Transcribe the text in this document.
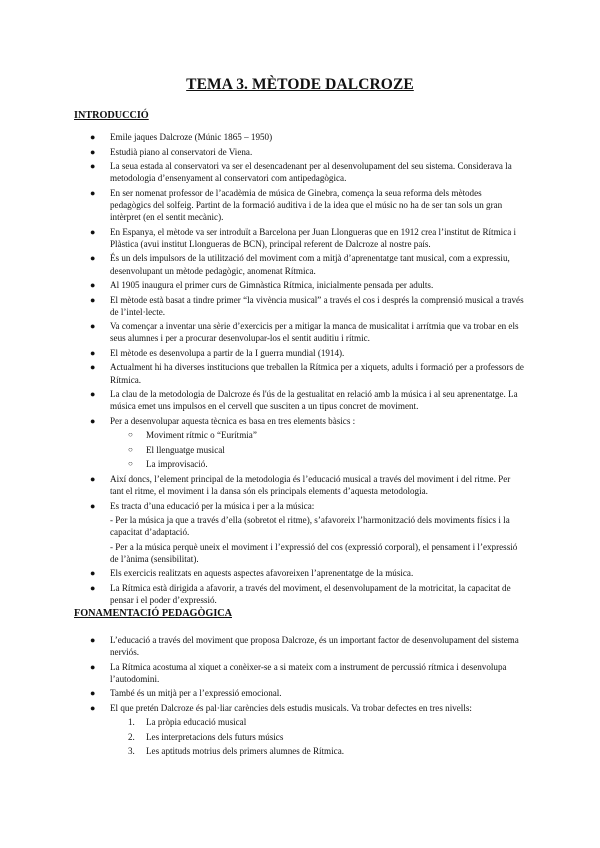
TEMA 3. MÈTODE DALCROZE
INTRODUCCIÓ
● Emile jaques Dalcroze (Múnic 1865 – 1950)
● Estudià piano al conservatori de Viena.
● La seua estada al conservatori va ser el desencadenant per al desenvolupament del seu sistema. Considerava la metodologia d’ensenyament al conservatori com antipedagògica.
● En ser nomenat professor de l’acadèmia de música de Ginebra, comença la seua reforma dels mètodes pedagògics del solfeig. Partint de la formació auditiva i de la idea que el músic no ha de ser tan sols un gran intèrpret (en el sentit mecànic).
● En Espanya, el mètode va ser introduït a Barcelona per Juan Llongueras que en 1912 crea l’institut de Rítmica i Plàstica (avui institut Llongueras de BCN), principal referent de Dalcroze al nostre país.
● És un dels impulsors de la utilització del moviment com a mitjà d’aprenentatge tant musical, com a expressiu, desenvolupant un mètode pedagògic, anomenat Rítmica.
● Al 1905 inaugura el primer curs de Gimnàstica Rítmica, inicialmente pensada per adults.
● El mètode està basat a tindre primer “la vivència musical” a través el cos i després la comprensió musical a través de l’intel·lecte.
● Va començar a inventar una sèrie d’exercicis per a mitigar la manca de musicalitat i arrítmia que va trobar en els seus alumnes i per a procurar desenvolupar-los el sentit auditiu i rítmic.
● El mètode es desenvolupa a partir de la I guerra mundial (1914).
● Actualment hi ha diverses institucions que treballen la Rítmica per a xiquets, adults i formació per a professors de Rítmica.
● La clau de la metodologia de Dalcroze és l'ús de la gestualitat en relació amb la música i al seu aprenentatge. La música emet uns impulsos en el cervell que susciten a un tipus concret de moviment.
● Per a desenvolupar aquesta tècnica es basa en tres elements bàsics :
○ Moviment rítmic o “Eurítmia”
○ El llenguatge musical
○ La improvisació.
● Així doncs, l’element principal de la metodologia és l’educació musical a través del moviment i del ritme. Per tant el ritme, el moviment i la dansa són els principals elements d’aquesta metodologia.
● Es tracta d’una educació per la música i per a la música:
- Per la música ja que a través d’ella (sobretot el ritme), s’afavoreix l’harmonització dels moviments físics i la capacitat d’adaptació.
- Per a la música perquè uneix el moviment i l’expressió del cos (expressió corporal), el pensament i l’expressió de l’ànima (sensibilitat).
● Els exercicis realitzats en aquests aspectes afavoreixen l’aprenentatge de la música.
● La Rítmica està dirigida a afavorir, a través del moviment, el desenvolupament de la motricitat, la capacitat de pensar i el poder d’expressió.
FONAMENTACIÓ PEDAGÒGICA
● L’educació a través del moviment que proposa Dalcroze, és un important factor de desenvolupament del sistema nerviós.
● La Rítmica acostuma al xiquet a conèixer-se a si mateix com a instrument de percussió rítmica i desenvolupa l’autodomini.
● També és un mitjà per a l’expressió emocional.
● El que pretén Dalcroze és pal·liar carències dels estudis musicals. Va trobar defectes en tres nivells:
1. La pròpia educació musical
2. Les interpretacions dels futurs músics
3. Les aptituds motrius dels primers alumnes de Rítmica.
